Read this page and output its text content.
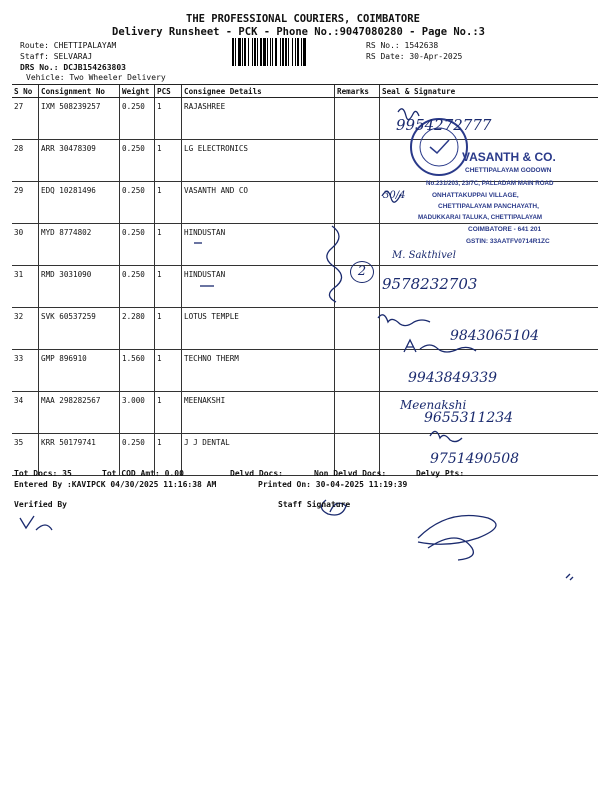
THE PROFESSIONAL COURIERS, COIMBATORE
Delivery Runsheet - PCK - Phone No.:9047080280 - Page No.:3
Route: CHETTIPALAYAM
Staff: SELVARAJ
DRS No.: DCJB154263803
Vehicle: Two Wheeler Delivery
RS No.: 1542638
RS Date: 30-Apr-2025
S No	Consignment No	Weight	PCS	Consignee Details	Remarks	Seal & Signature
27	IXM 508239257	0.250	1	RAJASHREE		
28	ARR 30478309	0.250	1	LG ELECTRONICS		
29	EDQ 10281496	0.250	1	VASANTH AND CO		
30	MYD 8774802	0.250	1	HINDUSTAN		
31	RMD 3031090	0.250	1	HINDUSTAN		
32	SVK 60537259	2.280	1	LOTUS TEMPLE		
33	GMP 896910	1.560	1	TECHNO THERM		
34	MAA 298282567	3.000	1	MEENAKSHI		
35	KRR 50179741	0.250	1	J J DENTAL		
VASANTH & CO.
CHETTIPALAYAM GODOWN
No.231/203, 23/7C, PALLADAM MAIN ROAD
ONHATTAKUPPAI VILLAGE,
CHETTIPALAYAM PANCHAYATH,
MADUKKARAI TALUKA, CHETTIPALAYAM
COIMBATORE - 641 201
GSTIN: 33AATFV0714R1ZC
9954272777
30/4
M. Sakthivel
9578232703
9843065104
9943849339
Meenakshi
9655311234
9751490508
2
Tot Docs: 35	Tot COD Amt: 0.00	Delvd Docs:	Non Delvd Docs:	Delvy Pts:
Entered By :KAVIPCK 04/30/2025 11:16:38 AM	Printed On: 30-04-2025 11:19:39
Verified By	Staff Signature
